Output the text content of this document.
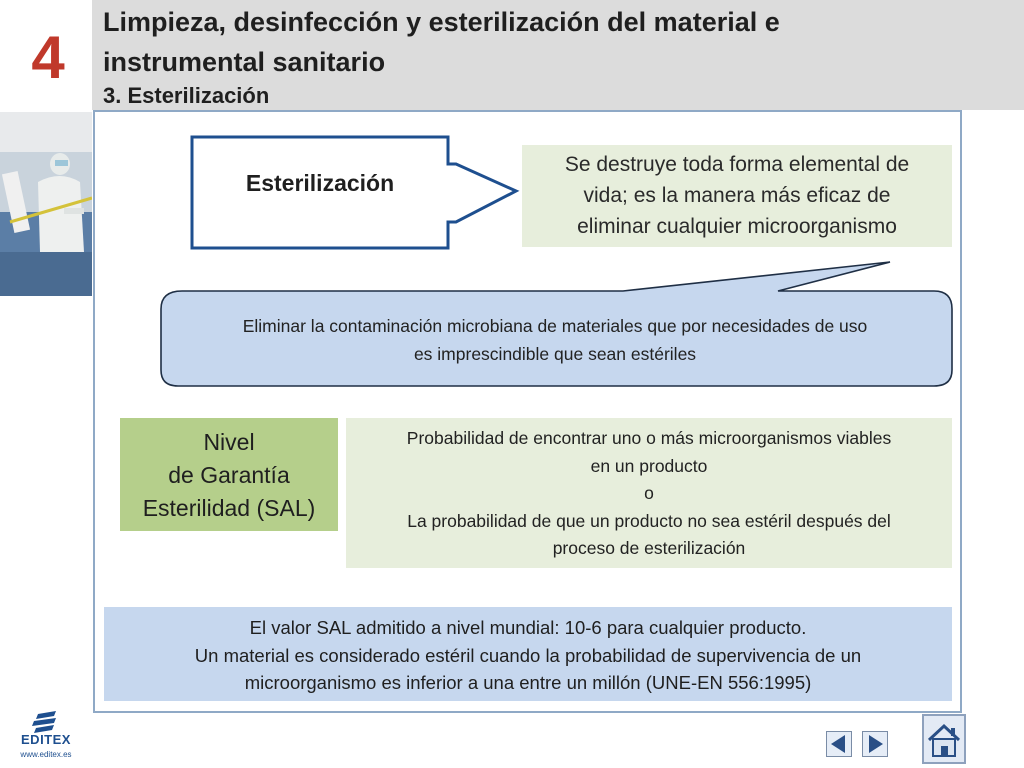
4
Limpieza, desinfección y esterilización del material e
instrumental sanitario
3. Esterilización
Esterilización
Se destruye toda forma elemental de
vida; es la manera más eficaz de
eliminar cualquier microorganismo
Eliminar la contaminación microbiana de materiales que por necesidades de uso
es imprescindible que sean estériles
Nivel
de Garantía
Esterilidad (SAL)
Probabilidad de encontrar uno o más microorganismos viables
en un producto
o
La probabilidad de que un producto no sea estéril después del
proceso de esterilización
El valor SAL admitido a nivel mundial: 10-6 para cualquier producto.
Un material es considerado estéril cuando la probabilidad de supervivencia de un
microorganismo es inferior a una entre un millón (UNE-EN 556:1995)
EDITEX
www.editex.es
